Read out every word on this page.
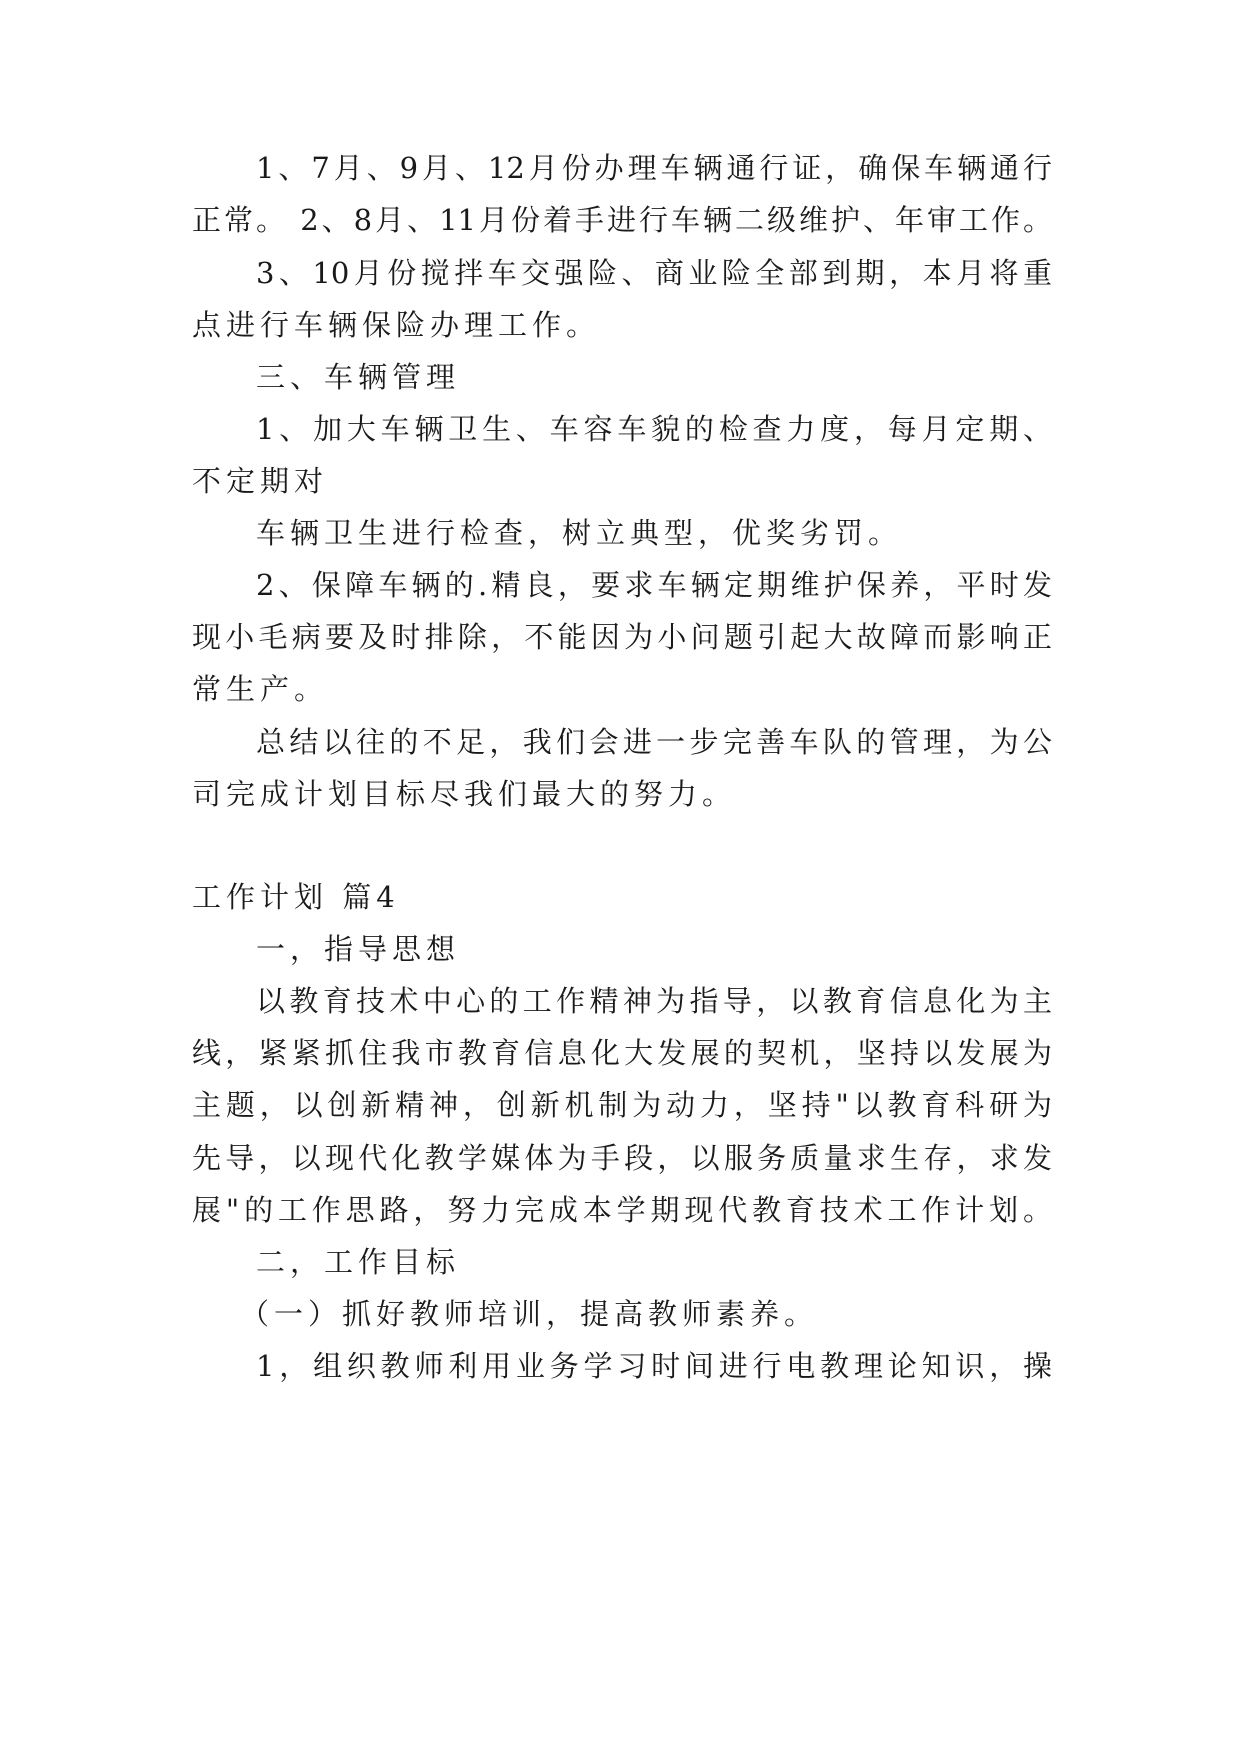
1、7月、9月、12月份办理车辆通行证，确保车辆通行
正常。 2、8月、11月份着手进行车辆二级维护、年审工作。
3、10月份搅拌车交强险、商业险全部到期，本月将重
点进行车辆保险办理工作。
三、车辆管理
1、加大车辆卫生、车容车貌的检查力度，每月定期、
不定期对
车辆卫生进行检查，树立典型，优奖劣罚。
2、保障车辆的.精良，要求车辆定期维护保养，平时发
现小毛病要及时排除，不能因为小问题引起大故障而影响正
常生产。
总结以往的不足，我们会进一步完善车队的管理，为公
司完成计划目标尽我们最大的努力。
工作计划 篇4
一，指导思想
以教育技术中心的工作精神为指导，以教育信息化为主
线，紧紧抓住我市教育信息化大发展的契机，坚持以发展为
主题，以创新精神，创新机制为动力，坚持"以教育科研为
先导，以现代化教学媒体为手段，以服务质量求生存，求发
展"的工作思路，努力完成本学期现代教育技术工作计划。
二，工作目标
（一）抓好教师培训，提高教师素养。
1，组织教师利用业务学习时间进行电教理论知识，操
